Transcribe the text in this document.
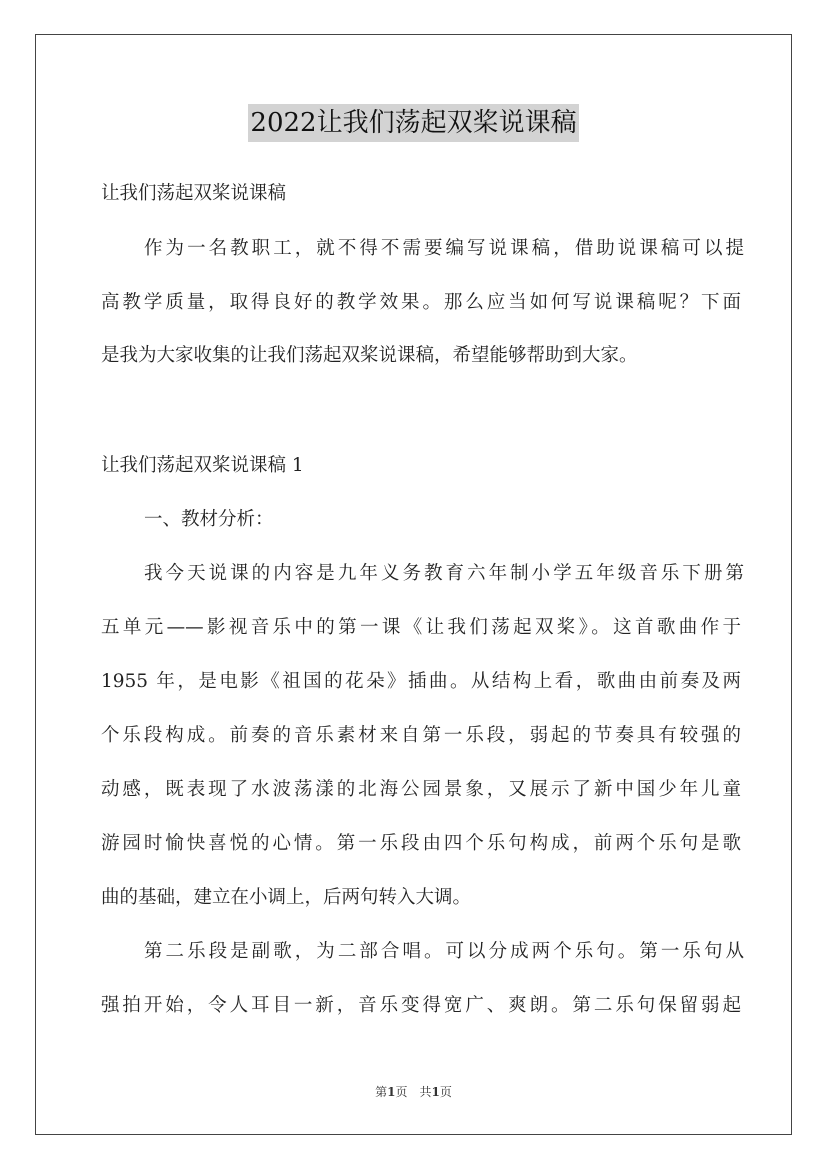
2022让我们荡起双桨说课稿
让我们荡起双桨说课稿
作为一名教职工，就不得不需要编写说课稿，借助说课稿可以提
高教学质量，取得良好的教学效果。那么应当如何写说课稿呢？下面
是我为大家收集的让我们荡起双桨说课稿，希望能够帮助到大家。
让我们荡起双桨说课稿 1
一、教材分析：
我今天说课的内容是九年义务教育六年制小学五年级音乐下册第
五单元——影视音乐中的第一课《让我们荡起双桨》。这首歌曲作于
1955 年，是电影《祖国的花朵》插曲。从结构上看，歌曲由前奏及两
个乐段构成。前奏的音乐素材来自第一乐段，弱起的节奏具有较强的
动感，既表现了水波荡漾的北海公园景象，又展示了新中国少年儿童
游园时愉快喜悦的心情。第一乐段由四个乐句构成，前两个乐句是歌
曲的基础，建立在小调上，后两句转入大调。
第二乐段是副歌，为二部合唱。可以分成两个乐句。第一乐句从
强拍开始，令人耳目一新，音乐变得宽广、爽朗。第二乐句保留弱起
第1页　共1页
